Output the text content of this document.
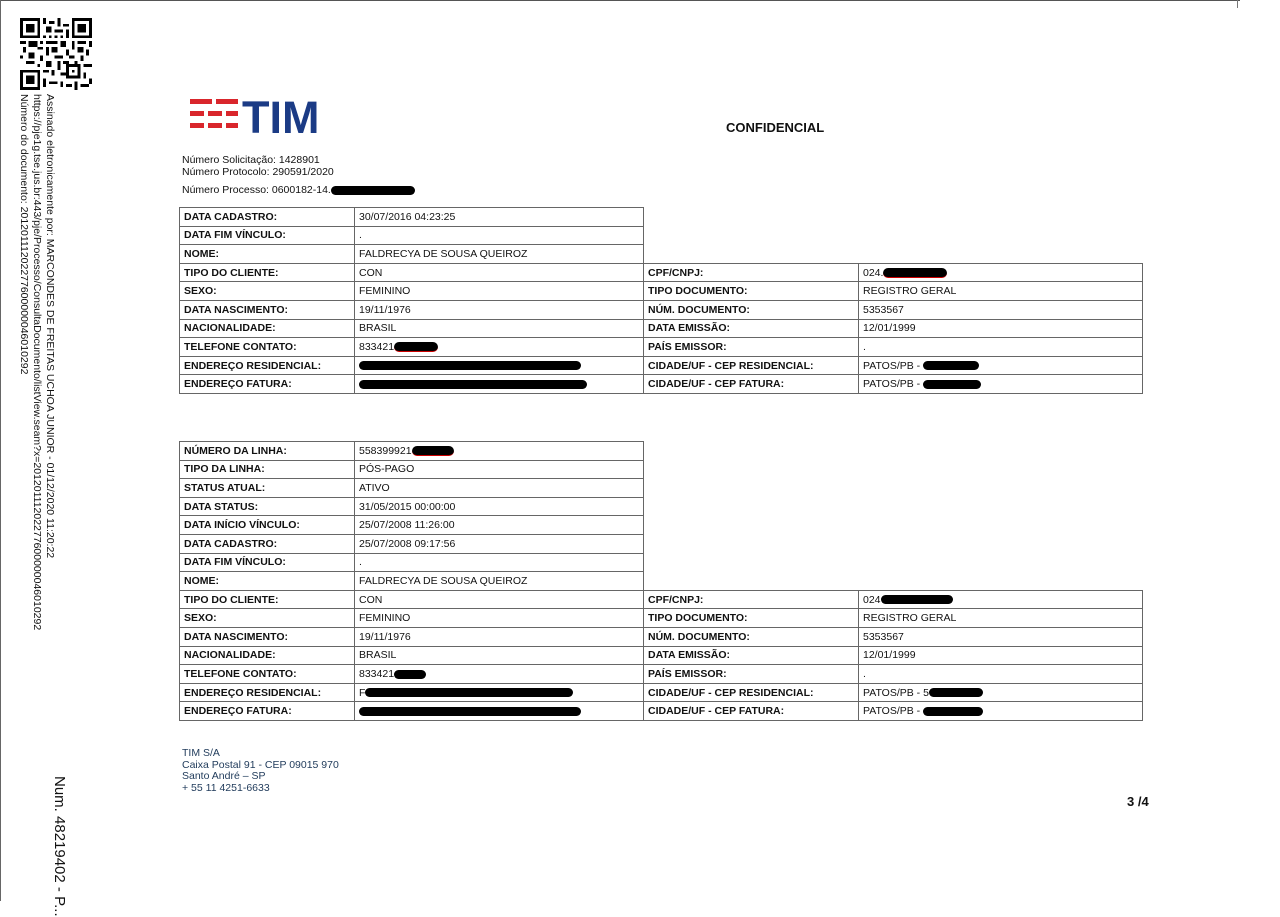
Assinado eletronicamente por: MARCONDES DE FREITAS UCHOA JUNIOR - 01/12/2020 11:20:22
https://pje1g.tse.jus.br:443/pje/Processo/ConsultaDocumento/listView.seam?x=20120111202277600000046010292
Número do documento: 20120111202277600000046010292
Num. 48219402 - P...
TIM	CONFIDENCIAL
Número Solicitação: 1428901
Número Protocolo: 290591/2020
Número Processo: 0600182-14.
DATA CADASTRO:	30/07/2016 04:23:25		
DATA FIM VÍNCULO:	.		
NOME:	FALDRECYA DE SOUSA QUEIROZ		
TIPO DO CLIENTE:	CON	CPF/CNPJ:	024.
SEXO:	FEMININO	TIPO DOCUMENTO:	REGISTRO GERAL
DATA NASCIMENTO:	19/11/1976	NÚM. DOCUMENTO:	5353567
NACIONALIDADE:	BRASIL	DATA EMISSÃO:	12/01/1999
TELEFONE CONTATO:	833421	PAÍS EMISSOR:	.
ENDEREÇO RESIDENCIAL:		CIDADE/UF - CEP RESIDENCIAL:	PATOS/PB -
ENDEREÇO FATURA:		CIDADE/UF - CEP FATURA:	PATOS/PB -
NÚMERO DA LINHA:	558399921		
TIPO DA LINHA:	PÓS-PAGO		
STATUS ATUAL:	ATIVO		
DATA STATUS:	31/05/2015 00:00:00		
DATA INÍCIO VÍNCULO:	25/07/2008 11:26:00		
DATA CADASTRO:	25/07/2008 09:17:56		
DATA FIM VÍNCULO:	.		
NOME:	FALDRECYA DE SOUSA QUEIROZ		
TIPO DO CLIENTE:	CON	CPF/CNPJ:	024
SEXO:	FEMININO	TIPO DOCUMENTO:	REGISTRO GERAL
DATA NASCIMENTO:	19/11/1976	NÚM. DOCUMENTO:	5353567
NACIONALIDADE:	BRASIL	DATA EMISSÃO:	12/01/1999
TELEFONE CONTATO:	833421	PAÍS EMISSOR:	.
ENDEREÇO RESIDENCIAL:	F	CIDADE/UF - CEP RESIDENCIAL:	PATOS/PB - 5
ENDEREÇO FATURA:		CIDADE/UF - CEP FATURA:	PATOS/PB -
TIM S/A
Caixa Postal 91 - CEP 09015 970
Santo André – SP
+ 55 11 4251-6633
3 /4
